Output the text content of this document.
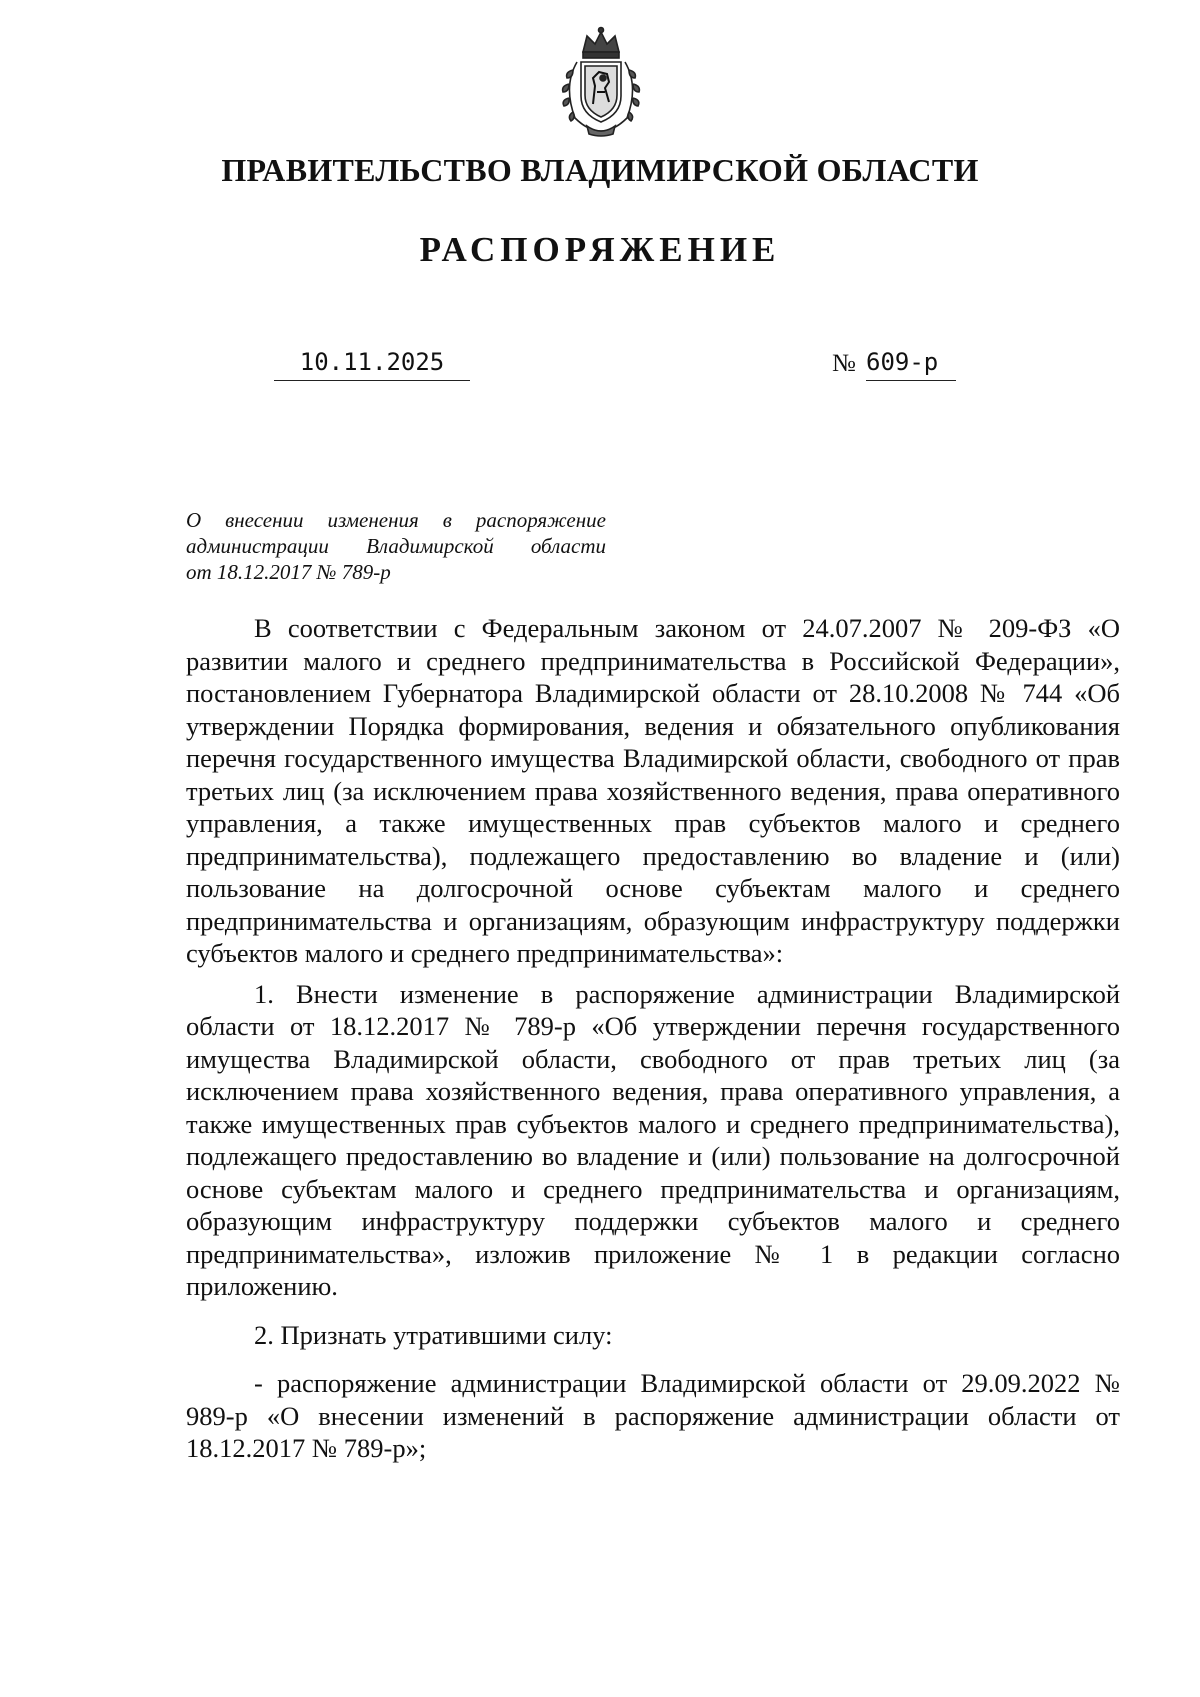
ПРАВИТЕЛЬСТВО ВЛАДИМИРСКОЙ ОБЛАСТИ
РАСПОРЯЖЕНИЕ
10.11.2025	№ 609-р
О внесении изменения в распоряжение
администрации Владимирской области
от 18.12.2017 № 789-р

В соответствии с Федеральным законом от 24.07.2007 № 209-ФЗ «О развитии малого и среднего предпринимательства в Российской Федерации», постановлением Губернатора Владимирской области от 28.10.2008 № 744 «Об утверждении Порядка формирования, ведения и обязательного опубликования перечня государственного имущества Владимирской области, свободного от прав третьих лиц (за исключением права хозяйственного ведения, права оперативного управления, а также имущественных прав субъектов малого и среднего предпринимательства), подлежащего предоставлению во владение и (или) пользование на долгосрочной основе субъектам малого и среднего предпринимательства и организациям, образующим инфраструктуру поддержки субъектов малого и среднего предпринимательства»:

1. Внести изменение в распоряжение администрации Владимирской области от 18.12.2017 № 789-р «Об утверждении перечня государственного имущества Владимирской области, свободного от прав третьих лиц (за исключением права хозяйственного ведения, права оперативного управления, а также имущественных прав субъектов малого и среднего предпринимательства), подлежащего предоставлению во владение и (или) пользование на долгосрочной основе субъектам малого и среднего предпринимательства и организациям, образующим инфраструктуру поддержки субъектов малого и среднего предпринимательства», изложив приложение № 1 в редакции согласно приложению.

2. Признать утратившими силу:

- распоряжение администрации Владимирской области от 29.09.2022 № 989-р «О внесении изменений в распоряжение администрации области от 18.12.2017 № 789-р»;
